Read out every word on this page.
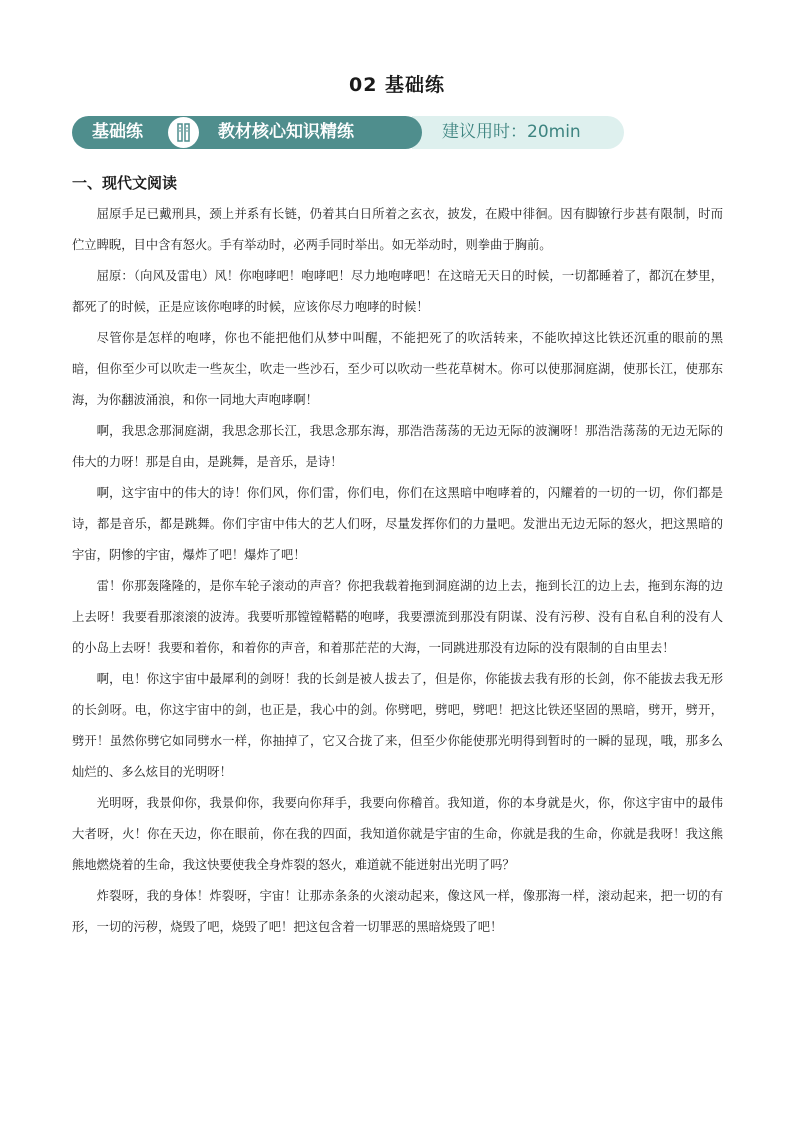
02 基础练
基础练	教材核心知识精练	建议用时：20min
一、现代文阅读

屈原手足已戴刑具，颈上并系有长链，仍着其白日所着之玄衣，披发，在殿中徘徊。因有脚镣行步甚有限制，时而伫立睥睨，目中含有怒火。手有举动时，必两手同时举出。如无举动时，则拳曲于胸前。

屈原：（向风及雷电）风！你咆哮吧！咆哮吧！尽力地咆哮吧！在这暗无天日的时候，一切都睡着了，都沉在梦里，都死了的时候，正是应该你咆哮的时候，应该你尽力咆哮的时候！

尽管你是怎样的咆哮，你也不能把他们从梦中叫醒，不能把死了的吹活转来，不能吹掉这比铁还沉重的眼前的黑暗，但你至少可以吹走一些灰尘，吹走一些沙石，至少可以吹动一些花草树木。你可以使那洞庭湖，使那长江，使那东海，为你翻波涌浪，和你一同地大声咆哮啊！

啊，我思念那洞庭湖，我思念那长江，我思念那东海，那浩浩荡荡的无边无际的波澜呀！那浩浩荡荡的无边无际的伟大的力呀！那是自由，是跳舞，是音乐，是诗！

啊，这宇宙中的伟大的诗！你们风，你们雷，你们电，你们在这黑暗中咆哮着的，闪耀着的一切的一切，你们都是诗，都是音乐，都是跳舞。你们宇宙中伟大的艺人们呀，尽量发挥你们的力量吧。发泄出无边无际的怒火，把这黑暗的宇宙，阴惨的宇宙，爆炸了吧！爆炸了吧！

雷！你那轰隆隆的，是你车轮子滚动的声音？你把我载着拖到洞庭湖的边上去，拖到长江的边上去，拖到东海的边上去呀！我要看那滚滚的波涛。我要听那镗镗鞳鞳的咆哮，我要漂流到那没有阴谋、没有污秽、没有自私自利的没有人的小岛上去呀！我要和着你，和着你的声音，和着那茫茫的大海，一同跳进那没有边际的没有限制的自由里去！

啊，电！你这宇宙中最犀利的剑呀！我的长剑是被人拔去了，但是你，你能拔去我有形的长剑，你不能拔去我无形的长剑呀。电，你这宇宙中的剑，也正是，我心中的剑。你劈吧，劈吧，劈吧！把这比铁还坚固的黑暗，劈开，劈开，劈开！虽然你劈它如同劈水一样，你抽掉了，它又合拢了来，但至少你能使那光明得到暂时的一瞬的显现，哦，那多么灿烂的、多么炫目的光明呀！

光明呀，我景仰你，我景仰你，我要向你拜手，我要向你稽首。我知道，你的本身就是火，你，你这宇宙中的最伟大者呀，火！你在天边，你在眼前，你在我的四面，我知道你就是宇宙的生命，你就是我的生命，你就是我呀！我这熊熊地燃烧着的生命，我这快要使我全身炸裂的怒火，难道就不能迸射出光明了吗？

炸裂呀，我的身体！炸裂呀，宇宙！让那赤条条的火滚动起来，像这风一样，像那海一样，滚动起来，把一切的有形，一切的污秽，烧毁了吧，烧毁了吧！把这包含着一切罪恶的黑暗烧毁了吧！
